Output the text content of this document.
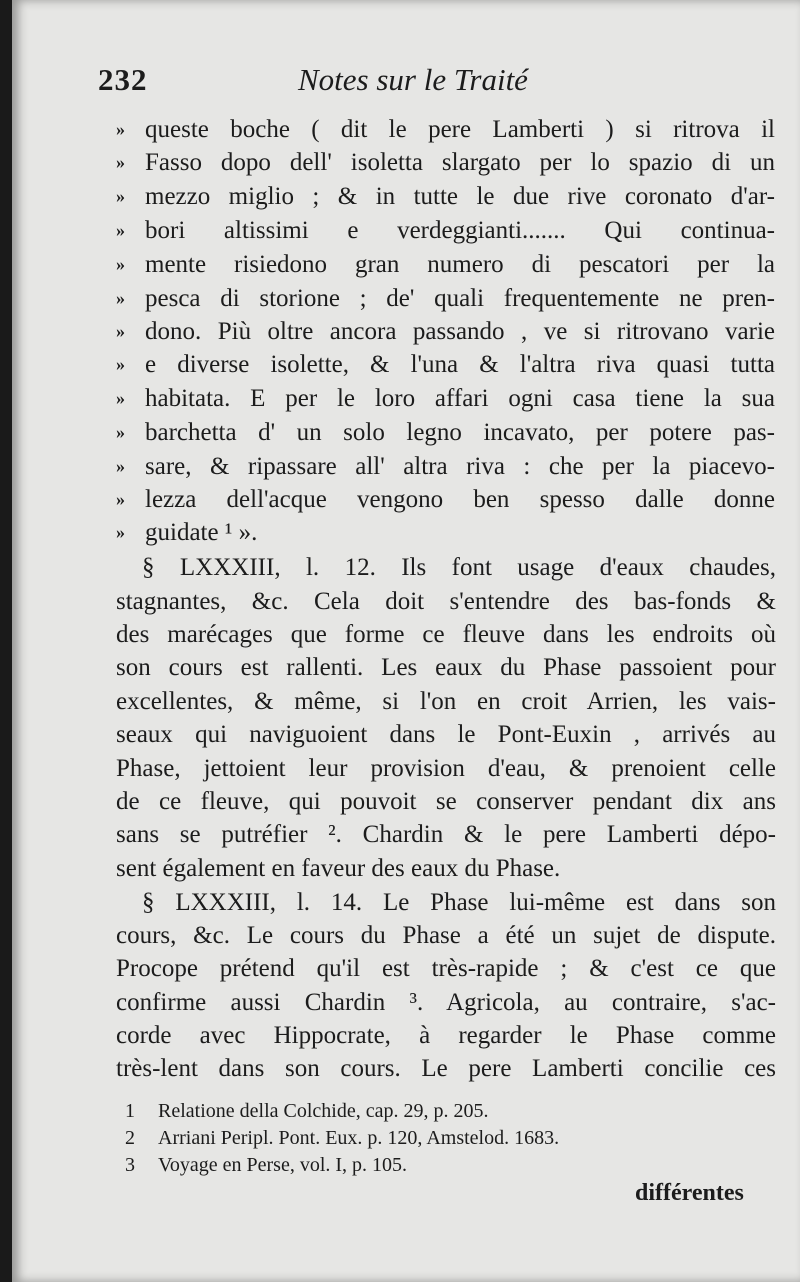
232	Notes sur le Traité
» queste boche ( dit le pere Lamberti ) si ritrova il
» Fasso dopo dell' isoletta slargato per lo spazio di un
» mezzo miglio ; & in tutte le due rive coronato d'ar-
» bori altissimi e verdeggianti....... Qui continua-
» mente risiedono gran numero di pescatori per la
» pesca di storione ; de' quali frequentemente ne pren-
» dono. Più oltre ancora passando , ve si ritrovano varie
» e diverse isolette, & l'una & l'altra riva quasi tutta
» habitata. E per le loro affari ogni casa tiene la sua
» barchetta d' un solo legno incavato, per potere pas-
» sare, & ripassare all' altra riva : che per la piacevo-
» lezza dell'acque vengono ben spesso dalle donne
» guidate ¹ ».
§ LXXXIII, l. 12. Ils font usage d'eaux chaudes,
stagnantes, &c. Cela doit s'entendre des bas-fonds &
des marécages que forme ce fleuve dans les endroits où
son cours est rallenti. Les eaux du Phase passoient pour
excellentes, & même, si l'on en croit Arrien, les vais-
seaux qui naviguoient dans le Pont-Euxin , arrivés au
Phase, jettoient leur provision d'eau, & prenoient celle
de ce fleuve, qui pouvoit se conserver pendant dix ans
sans se putréfier ². Chardin & le pere Lamberti dépo-
sent également en faveur des eaux du Phase.
§ LXXXIII, l. 14. Le Phase lui-même est dans son
cours, &c. Le cours du Phase a été un sujet de dispute.
Procope prétend qu'il est très-rapide ; & c'est ce que
confirme aussi Chardin ³. Agricola, au contraire, s'ac-
corde avec Hippocrate, à regarder le Phase comme
très-lent dans son cours. Le pere Lamberti concilie ces
1 Relatione della Colchide, cap. 29, p. 205.
2 Arriani Peripl. Pont. Eux. p. 120, Amstelod. 1683.
3 Voyage en Perse, vol. I, p. 105.
différentes
